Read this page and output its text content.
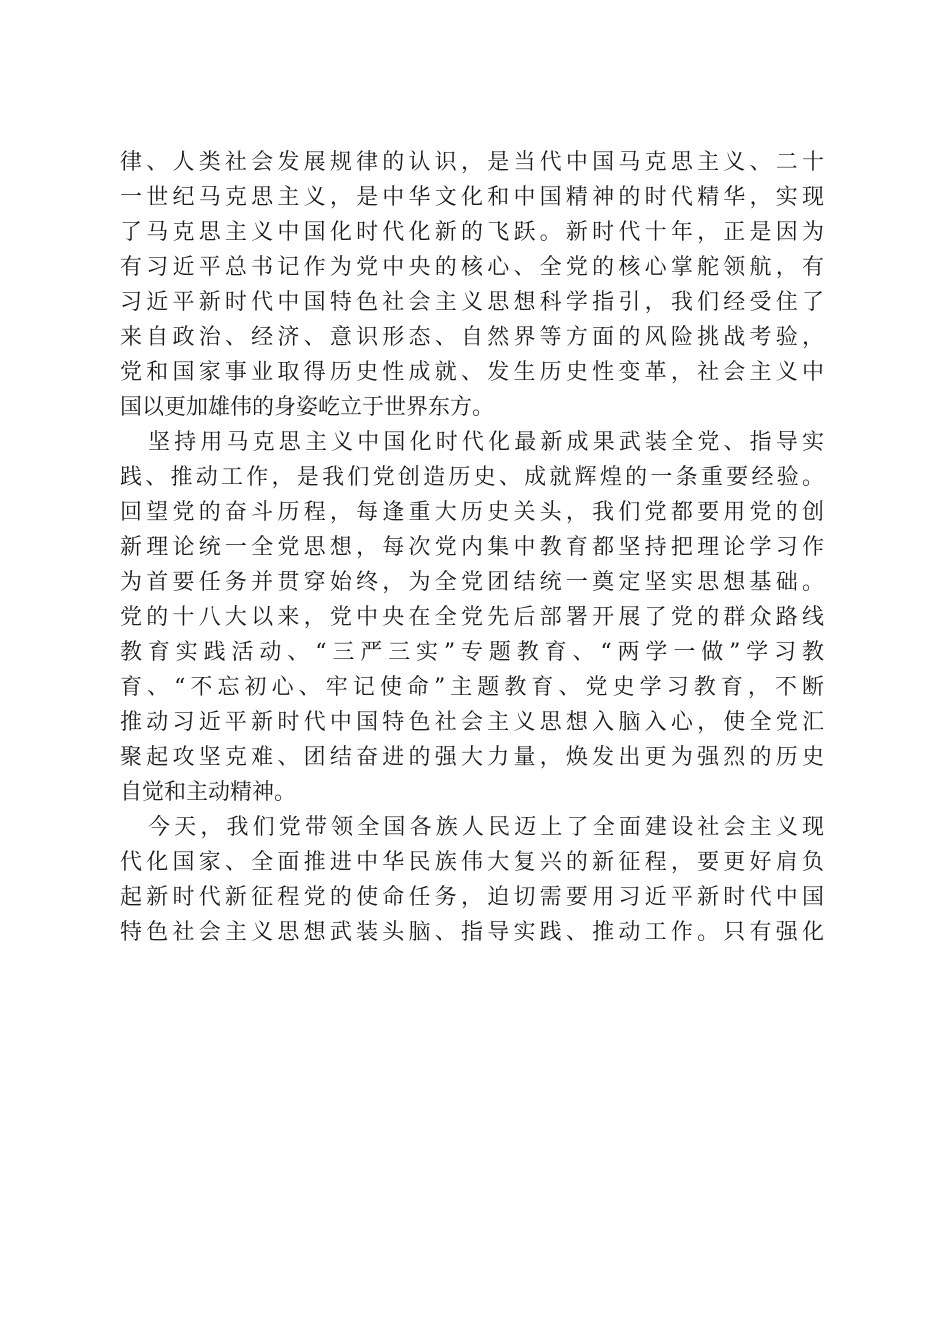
律、人类社会发展规律的认识，是当代中国马克思主义、二十
一世纪马克思主义，是中华文化和中国精神的时代精华，实现
了马克思主义中国化时代化新的飞跃。新时代十年，正是因为
有习近平总书记作为党中央的核心、全党的核心掌舵领航，有
习近平新时代中国特色社会主义思想科学指引，我们经受住了
来自政治、经济、意识形态、自然界等方面的风险挑战考验，
党和国家事业取得历史性成就、发生历史性变革，社会主义中
国以更加雄伟的身姿屹立于世界东方。
坚持用马克思主义中国化时代化最新成果武装全党、指导实
践、推动工作，是我们党创造历史、成就辉煌的一条重要经验。
回望党的奋斗历程，每逢重大历史关头，我们党都要用党的创
新理论统一全党思想，每次党内集中教育都坚持把理论学习作
为首要任务并贯穿始终，为全党团结统一奠定坚实思想基础。
党的十八大以来，党中央在全党先后部署开展了党的群众路线
教育实践活动、“三严三实”专题教育、“两学一做”学习教
育、“不忘初心、牢记使命”主题教育、党史学习教育，不断
推动习近平新时代中国特色社会主义思想入脑入心，使全党汇
聚起攻坚克难、团结奋进的强大力量，焕发出更为强烈的历史
自觉和主动精神。
今天，我们党带领全国各族人民迈上了全面建设社会主义现
代化国家、全面推进中华民族伟大复兴的新征程，要更好肩负
起新时代新征程党的使命任务，迫切需要用习近平新时代中国
特色社会主义思想武装头脑、指导实践、推动工作。只有强化
